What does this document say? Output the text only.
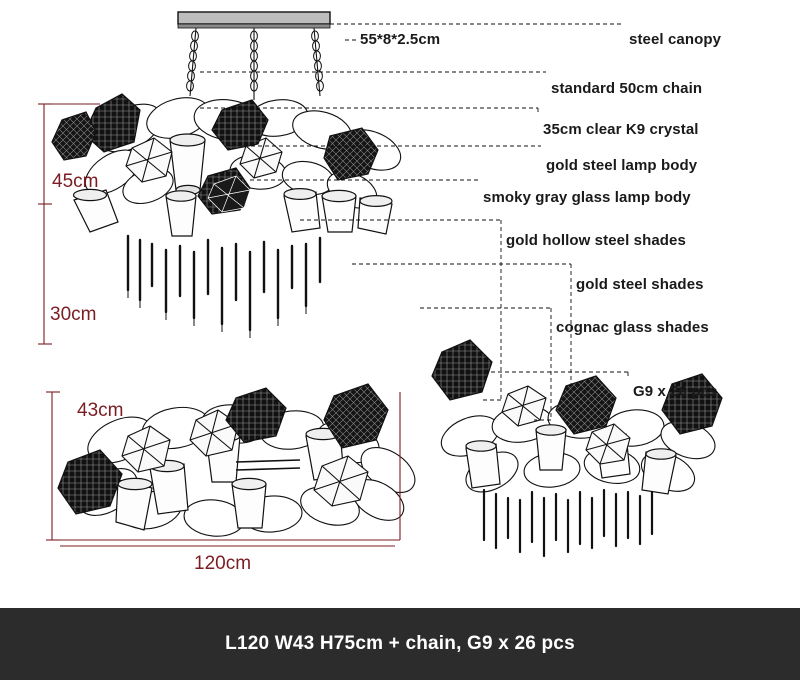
55*8*2.5cm	steel canopy
standard 50cm chain
35cm clear K9 crystal
gold steel lamp body
smoky gray glass lamp body
gold hollow steel shades
gold steel shades
cognac glass shades
G9 x 26 pcs
45cm
30cm
43cm
120cm
L120 W43 H75cm + chain, G9 x 26 pcs
